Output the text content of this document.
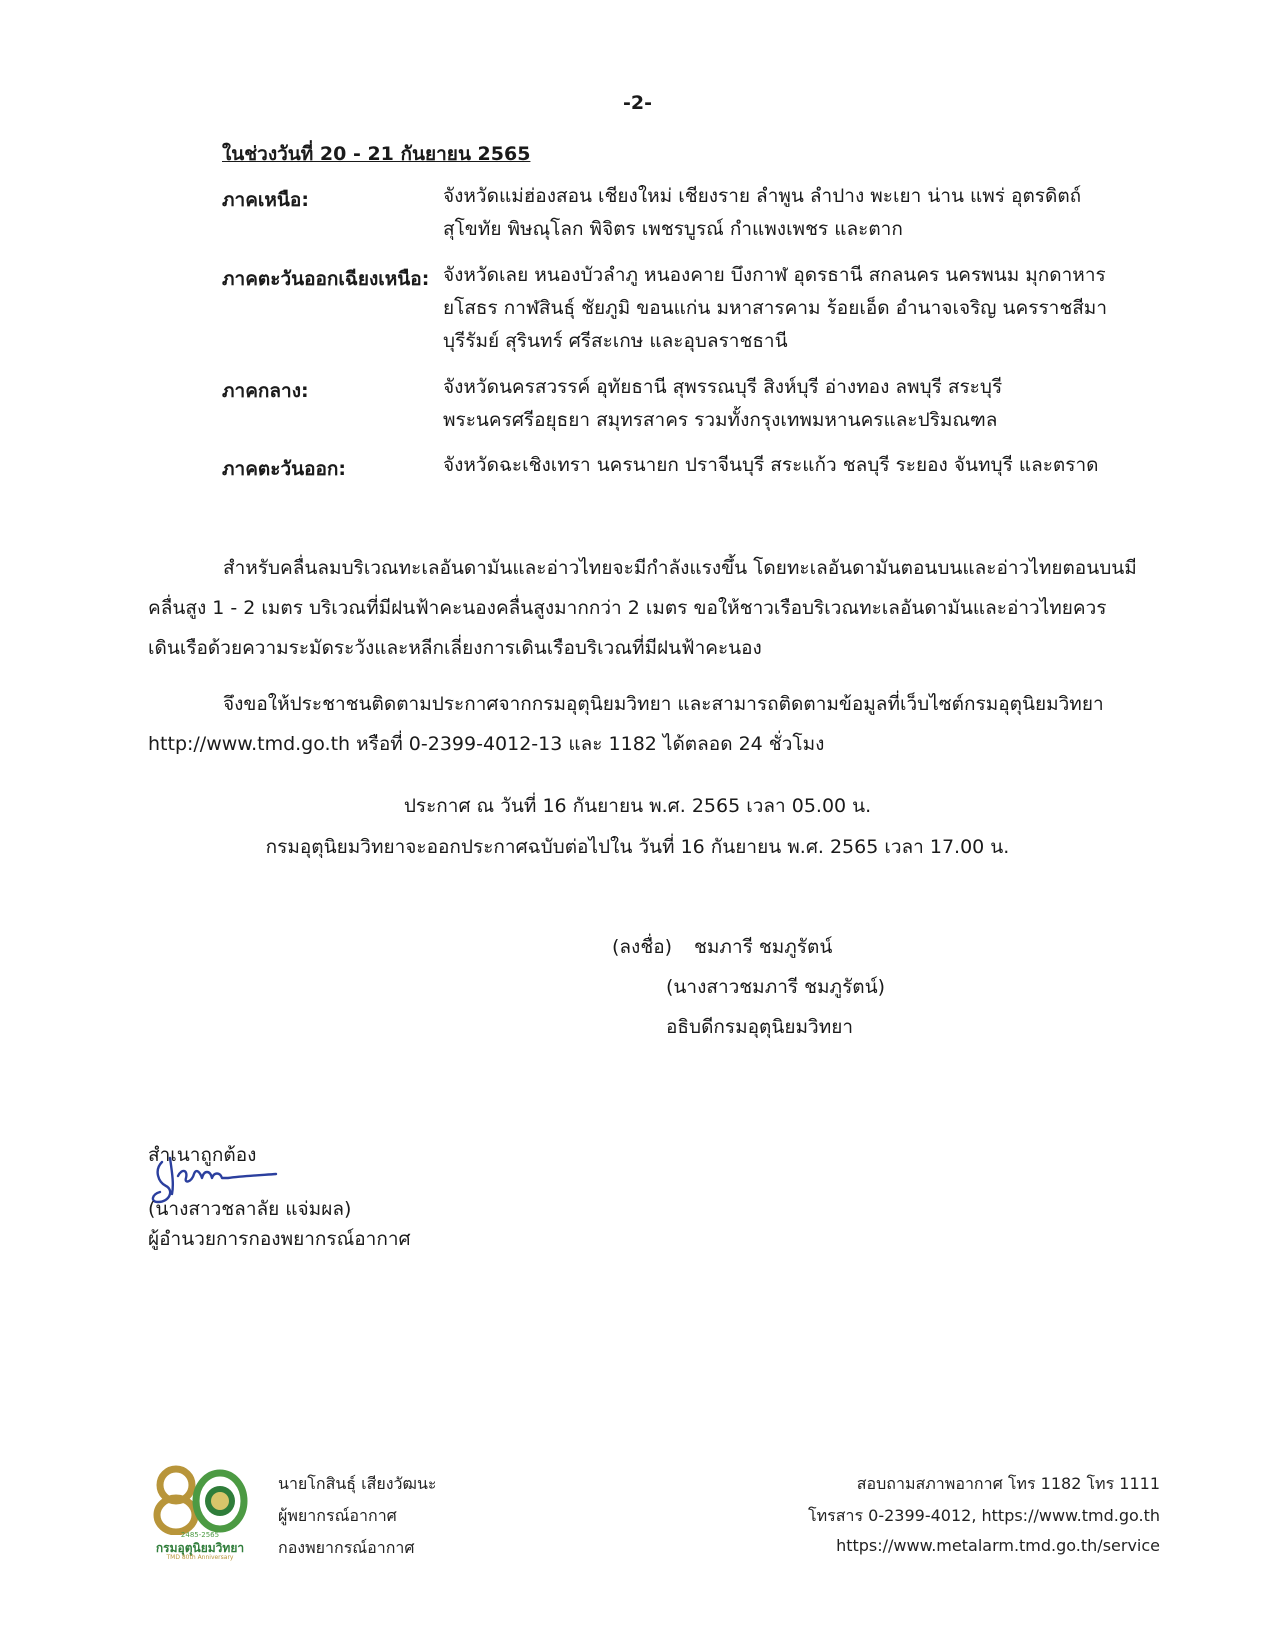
-2-
ในช่วงวันที่ 20 - 21 กันยายน 2565
ภาคเหนือ:	จังหวัดแม่ฮ่องสอน เชียงใหม่ เชียงราย ลำพูน ลำปาง พะเยา น่าน แพร่ อุตรดิตถ์ สุโขทัย พิษณุโลก พิจิตร เพชรบูรณ์ กำแพงเพชร และตาก
ภาคตะวันออกเฉียงเหนือ: จังหวัดเลย หนองบัวลำภู หนองคาย บึงกาฬ อุดรธานี สกลนคร นครพนม มุกดาหาร ยโสธร กาฬสินธุ์ ชัยภูมิ ขอนแก่น มหาสารคาม ร้อยเอ็ด อำนาจเจริญ นครราชสีมา บุรีรัมย์ สุรินทร์ ศรีสะเกษ และอุบลราชธานี
ภาคกลาง:	จังหวัดนครสวรรค์ อุทัยธานี สุพรรณบุรี สิงห์บุรี อ่างทอง ลพบุรี สระบุรี พระนครศรีอยุธยา สมุทรสาคร รวมทั้งกรุงเทพมหานครและปริมณฑล
ภาคตะวันออก:	จังหวัดฉะเชิงเทรา นครนายก ปราจีนบุรี สระแก้ว ชลบุรี ระยอง จันทบุรี และตราด
สำหรับคลื่นลมบริเวณทะเลอันดามันและอ่าวไทยจะมีกำลังแรงขึ้น โดยทะเลอันดามันตอนบนและอ่าวไทยตอนบนมีคลื่นสูง 1 - 2 เมตร บริเวณที่มีฝนฟ้าคะนองคลื่นสูงมากกว่า 2 เมตร ขอให้ชาวเรือบริเวณทะเลอันดามันและอ่าวไทยควรเดินเรือด้วยความระมัดระวังและหลีกเลี่ยงการเดินเรือบริเวณที่มีฝนฟ้าคะนอง
จึงขอให้ประชาชนติดตามประกาศจากกรมอุตุนิยมวิทยา และสามารถติดตามข้อมูลที่เว็บไซต์กรมอุตุนิยมวิทยา http://www.tmd.go.th หรือที่ 0-2399-4012-13 และ 1182 ได้ตลอด 24 ชั่วโมง
ประกาศ ณ วันที่ 16 กันยายน พ.ศ. 2565 เวลา 05.00 น.
กรมอุตุนิยมวิทยาจะออกประกาศฉบับต่อไปใน วันที่ 16 กันยายน พ.ศ. 2565 เวลา 17.00 น.
(ลงชื่อ) ชมภารี ชมภูรัตน์
(นางสาวชมภารี ชมภูรัตน์)
อธิบดีกรมอุตุนิยมวิทยา
สำเนาถูกต้อง
(นางสาวชลาลัย แจ่มผล)
ผู้อำนวยการกองพยากรณ์อากาศ
2485-2565
กรมอุตุนิยมวิทยา
TMD 80th Anniversary
นายโกสินธุ์ เสียงวัฒนะ
ผู้พยากรณ์อากาศ
กองพยากรณ์อากาศ
สอบถามสภาพอากาศ โทร 1182 โทร 1111
โทรสาร 0-2399-4012, https://www.tmd.go.th
https://www.metalarm.tmd.go.th/service
